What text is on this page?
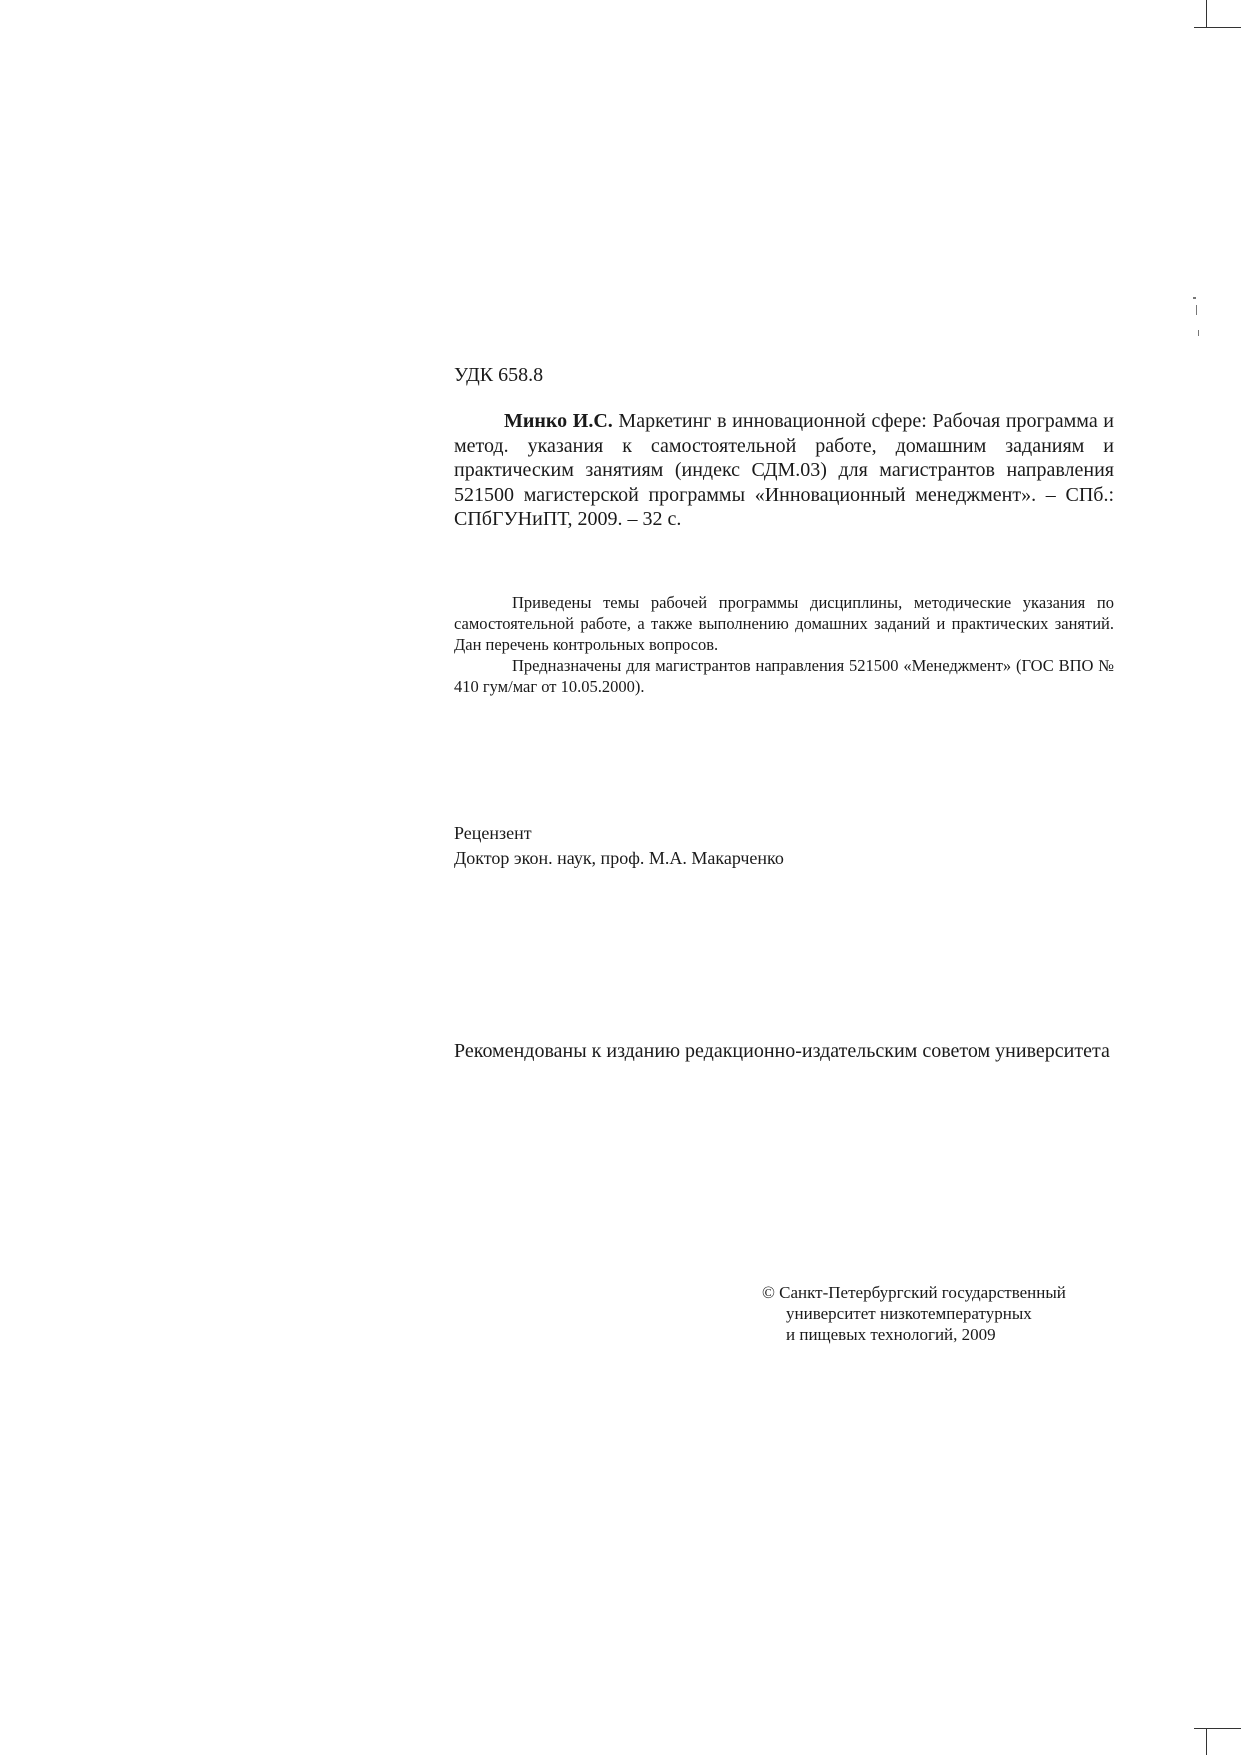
УДК 658.8
Минко И.С. Маркетинг в инновационной сфере: Рабочая программа и метод. указания к самостоятельной работе, домашним заданиям и практическим занятиям (индекс СДМ.03) для магистрантов направления 521500 магистерской программы «Инновационный менеджмент». – СПб.: СПбГУНиПТ, 2009. – 32 с.

Приведены темы рабочей программы дисциплины, методические указания по самостоятельной работе, а также выполнению домашних заданий и практических занятий. Дан перечень контрольных вопросов.

Предназначены для магистрантов направления 521500 «Менеджмент» (ГОС ВПО № 410 гум/маг от 10.05.2000).

Рецензент
Доктор экон. наук, проф. М.А. Макарченко
Рекомендованы к изданию редакционно-издательским советом университета
© Санкт-Петербургский государственный
университет низкотемпературных
и пищевых технологий, 2009
